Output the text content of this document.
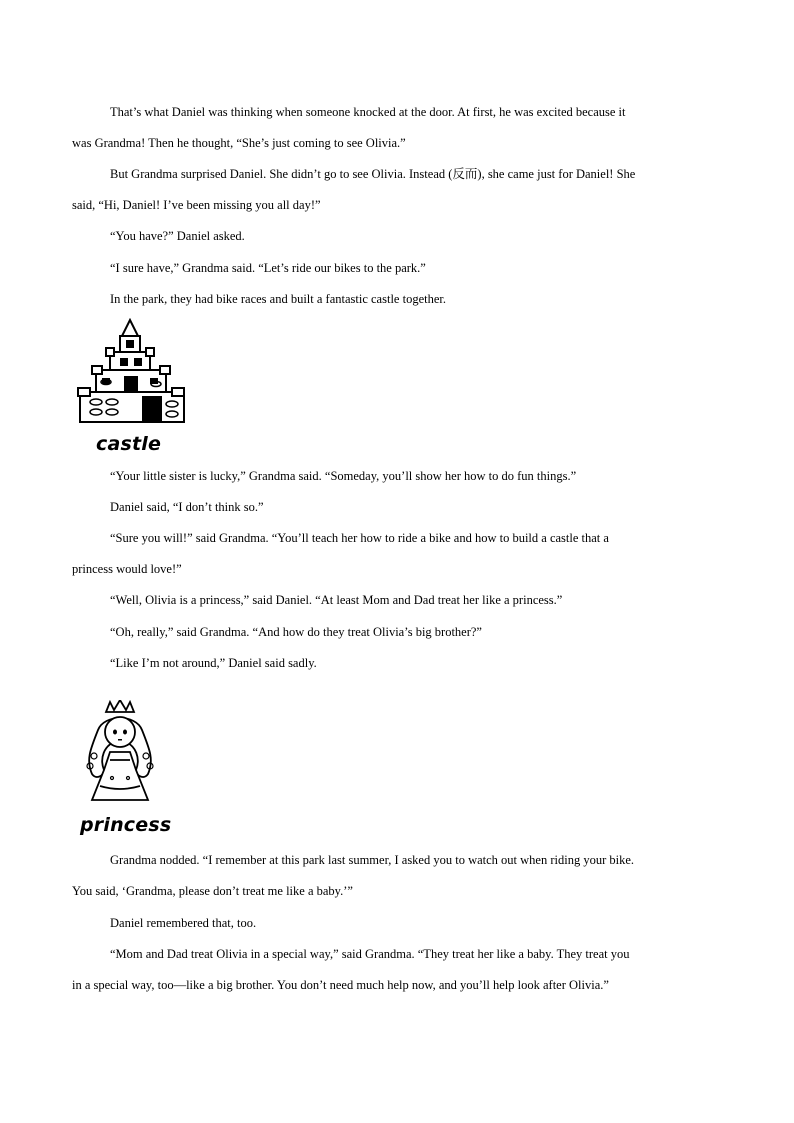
That’s what Daniel was thinking when someone knocked at the door. At first, he was excited because it
was Grandma! Then he thought, “She’s just coming to see Olivia.”
But Grandma surprised Daniel. She didn’t go to see Olivia. Instead (反而), she came just for Daniel! She
said, “Hi, Daniel! I’ve been missing you all day!”
“You have?” Daniel asked.
“I sure have,” Grandma said. “Let’s ride our bikes to the park.”
In the park, they had bike races and built a fantastic castle together.
castle
“Your little sister is lucky,” Grandma said. “Someday, you’ll show her how to do fun things.”
Daniel said, “I don’t think so.”
“Sure you will!” said Grandma. “You’ll teach her how to ride a bike and how to build a castle that a
princess would love!”
“Well, Olivia is a princess,” said Daniel. “At least Mom and Dad treat her like a princess.”
“Oh, really,” said Grandma. “And how do they treat Olivia’s big brother?”
“Like I’m not around,” Daniel said sadly.
princess
Grandma nodded. “I remember at this park last summer, I asked you to watch out when riding your bike.
You said, ‘Grandma, please don’t treat me like a baby.’”
Daniel remembered that, too.
“Mom and Dad treat Olivia in a special way,” said Grandma. “They treat her like a baby. They treat you
in a special way, too—like a big brother. You don’t need much help now, and you’ll help look after Olivia.”
